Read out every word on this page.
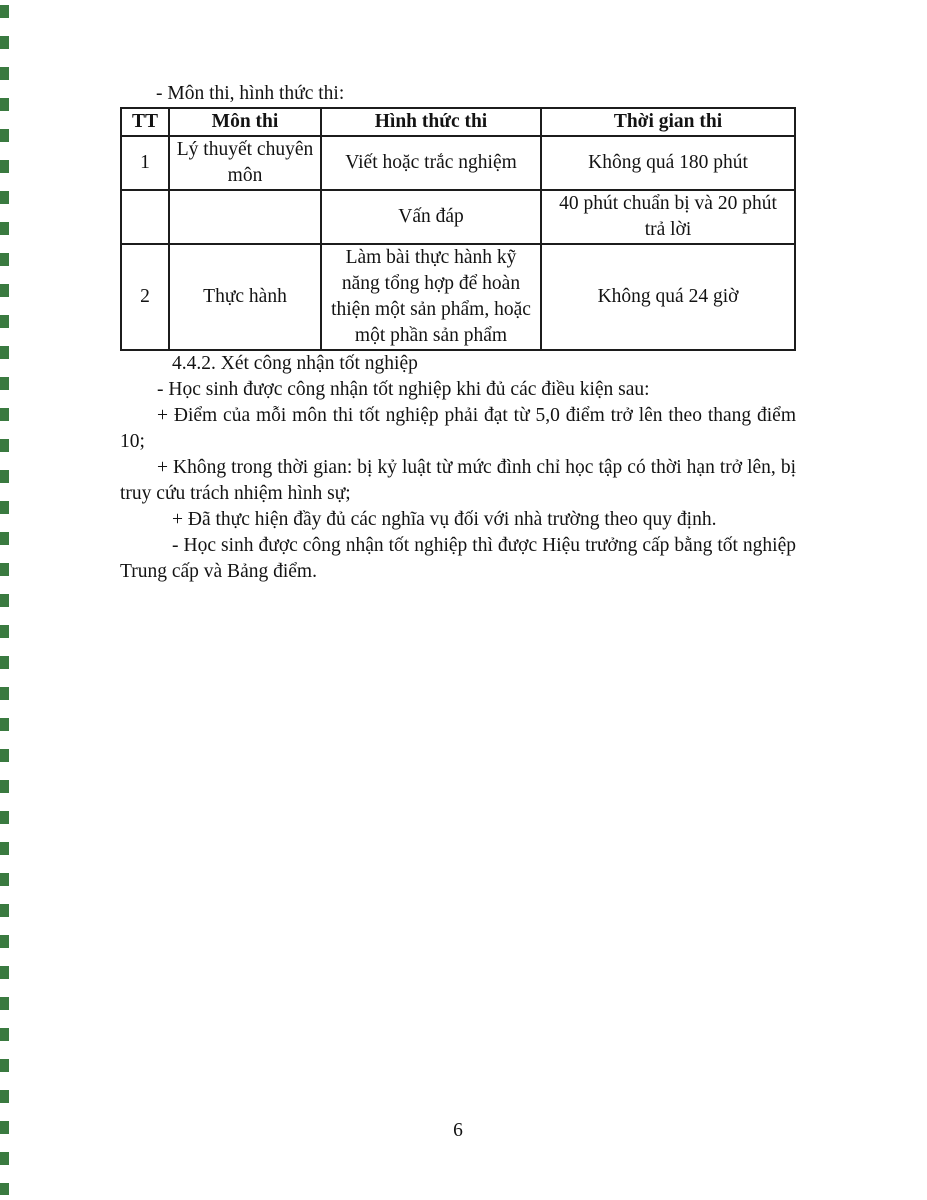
- Môn thi, hình thức thi:

TT	Môn thi	Hình thức thi	Thời gian thi
1	Lý thuyết chuyên môn	Viết hoặc trắc nghiệm	Không quá 180 phút
		Vấn đáp	40 phút chuẩn bị và 20 phút trả lời
2	Thực hành	Làm bài thực hành kỹ năng tổng hợp để hoàn thiện một sản phẩm, hoặc một phần sản phẩm	Không quá 24 giờ

4.4.2. Xét công nhận tốt nghiệp

- Học sinh được công nhận tốt nghiệp khi đủ các điều kiện sau:

+ Điểm của mỗi môn thi tốt nghiệp phải đạt từ 5,0 điểm trở lên theo thang điểm 10;

+ Không trong thời gian: bị kỷ luật từ mức đình chỉ học tập có thời hạn trở lên, bị truy cứu trách nhiệm hình sự;

+ Đã thực hiện đầy đủ các nghĩa vụ đối với nhà trường theo quy định.

- Học sinh được công nhận tốt nghiệp thì được Hiệu trưởng cấp bằng tốt nghiệp Trung cấp và Bảng điểm.

6
